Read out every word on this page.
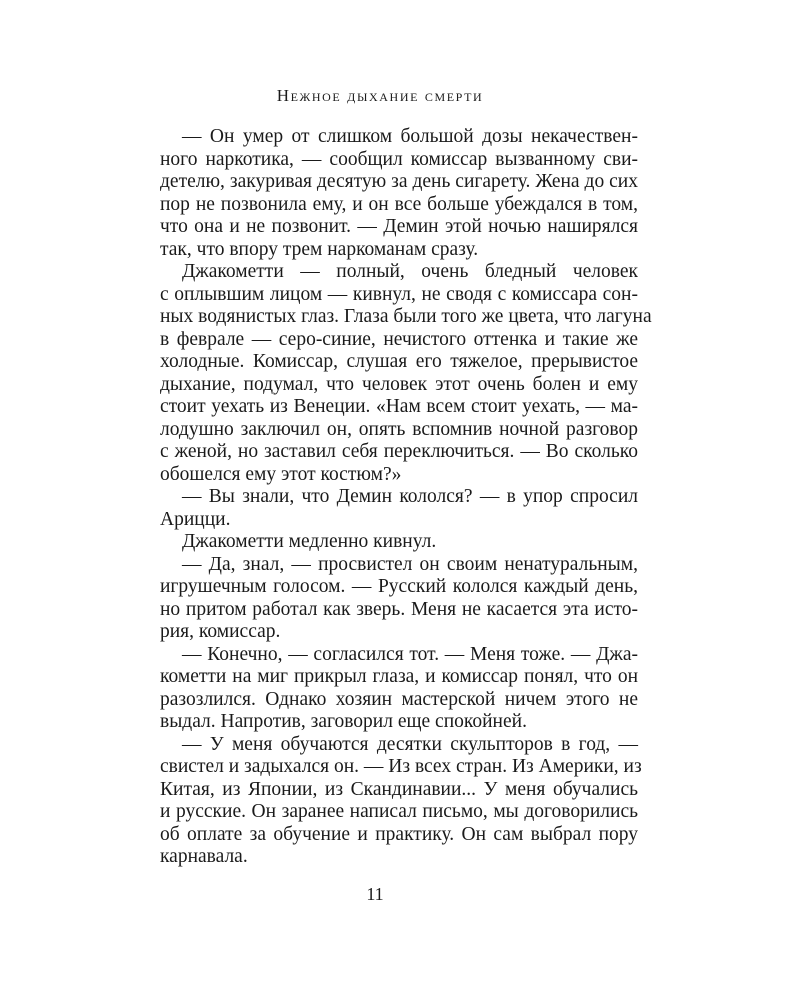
Нежное дыхание смерти
— Он умер от слишком большой дозы некачествен-
ного наркотика, — сообщил комиссар вызванному сви-
детелю, закуривая десятую за день сигарету. Жена до сих
пор не позвонила ему, и он все больше убеждался в том,
что она и не позвонит. — Демин этой ночью наширялся
так, что впору трем наркоманам сразу.
Джакометти — полный, очень бледный человек
с оплывшим лицом — кивнул, не сводя с комиссара сон-
ных водянистых глаз. Глаза были того же цвета, что лагуна
в феврале — серо-синие, нечистого оттенка и такие же
холодные. Комиссар, слушая его тяжелое, прерывистое
дыхание, подумал, что человек этот очень болен и ему
стоит уехать из Венеции. «Нам всем стоит уехать, — ма-
лодушно заключил он, опять вспомнив ночной разговор
с женой, но заставил себя переключиться. — Во сколько
обошелся ему этот костюм?»
— Вы знали, что Демин кололся? — в упор спросил
Арицци.
Джакометти медленно кивнул.
— Да, знал, — просвистел он своим ненатуральным,
игрушечным голосом. — Русский кололся каждый день,
но притом работал как зверь. Меня не касается эта исто-
рия, комиссар.
— Конечно, — согласился тот. — Меня тоже. — Джа-
кометти на миг прикрыл глаза, и комиссар понял, что он
разозлился. Однако хозяин мастерской ничем этого не
выдал. Напротив, заговорил еще спокойней.
— У меня обучаются десятки скульпторов в год, —
свистел и задыхался он. — Из всех стран. Из Америки, из
Китая, из Японии, из Скандинавии... У меня обучались
и русские. Он заранее написал письмо, мы договорились
об оплате за обучение и практику. Он сам выбрал пору
карнавала.
11
